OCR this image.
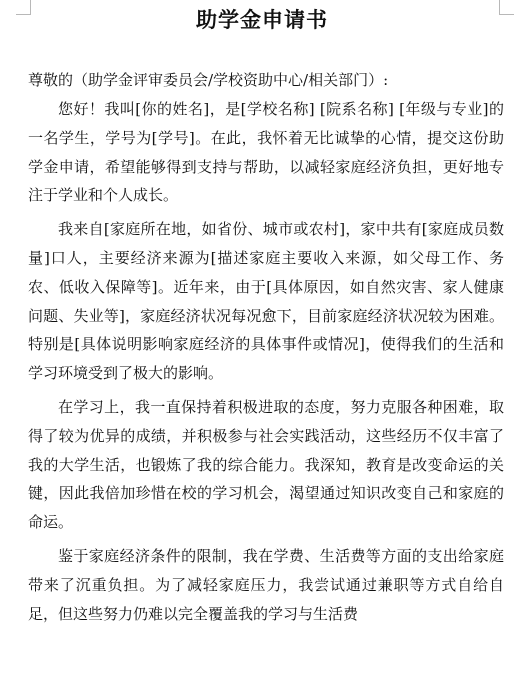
助学金申请书

尊敬的（助学金评审委员会/学校资助中心/相关部门）:

您好！我叫[你的姓名]，是[学校名称] [院系名称] [年级与专业]的一名学生，学号为[学号]。在此，我怀着无比诚挚的心情，提交这份助学金申请，希望能够得到支持与帮助，以减轻家庭经济负担，更好地专注于学业和个人成长。

我来自[家庭所在地，如省份、城市或农村]，家中共有[家庭成员数量]口人，主要经济来源为[描述家庭主要收入来源，如父母工作、务农、低收入保障等]。近年来，由于[具体原因，如自然灾害、家人健康问题、失业等]，家庭经济状况每况愈下，目前家庭经济状况较为困难。特别是[具体说明影响家庭经济的具体事件或情况]，使得我们的生活和学习环境受到了极大的影响。

在学习上，我一直保持着积极进取的态度，努力克服各种困难，取得了较为优异的成绩，并积极参与社会实践活动，这些经历不仅丰富了我的大学生活，也锻炼了我的综合能力。我深知，教育是改变命运的关键，因此我倍加珍惜在校的学习机会，渴望通过知识改变自己和家庭的命运。

鉴于家庭经济条件的限制，我在学费、生活费等方面的支出给家庭带来了沉重负担。为了减轻家庭压力，我尝试通过兼职等方式自给自足，但这些努力仍难以完全覆盖我的学习与生活费
